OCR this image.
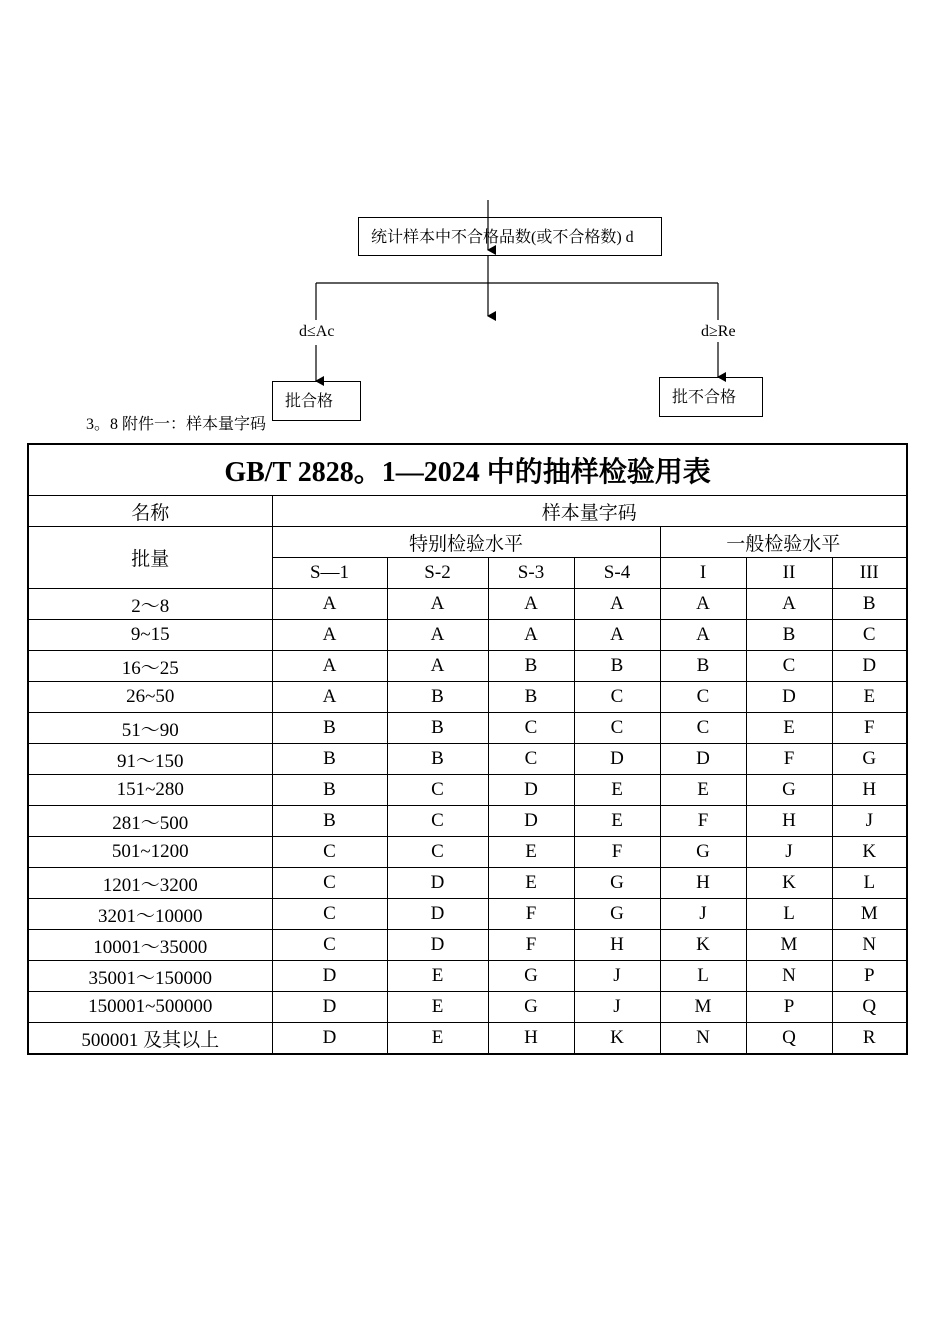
统计样本中不合格品数(或不合格数) d
d≤Ac	d≥Re
批合格	批不合格
3。8 附件一：样本量字码
GB/T 2828。1—2024 中的抽样检验用表							
名称	样本量字码						
批量	特别检验水平				一般检验水平		
	S—1	S-2	S-3	S-4	I	II	III
2～8	A	A	A	A	A	A	B
9~15	A	A	A	A	A	B	C
16～25	A	A	B	B	B	C	D
26~50	A	B	B	C	C	D	E
51～90	B	B	C	C	C	E	F
91～150	B	B	C	D	D	F	G
151~280	B	C	D	E	E	G	H
281～500	B	C	D	E	F	H	J
501~1200	C	C	E	F	G	J	K
1201～3200	C	D	E	G	H	K	L
3201～10000	C	D	F	G	J	L	M
10001～35000	C	D	F	H	K	M	N
35001～150000	D	E	G	J	L	N	P
150001~500000	D	E	G	J	M	P	Q
500001 及其以上	D	E	H	K	N	Q	R
